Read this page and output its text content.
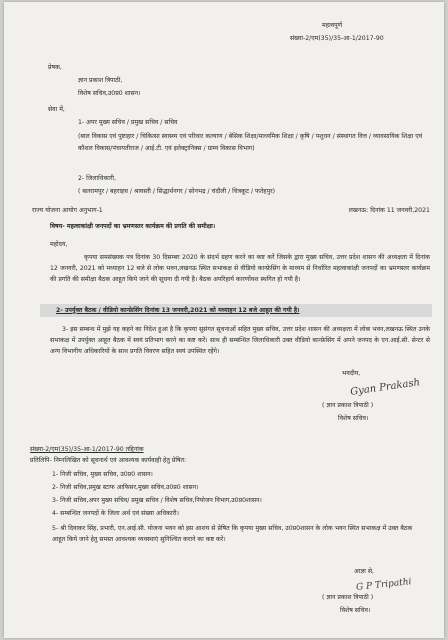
महत्वपूर्ण
संख्या-2/एम(35)/35-आ-1/2017-90
प्रेषक,
ज्ञान प्रकाश त्रिपाठी,
विशेष सचिव,उ0प्र0 शासन।
सेवा में,
1- अपर मुख्य सचिव / प्रमुख सचिव / सचिव
(बाल विकास एवं पुष्टाहार / चिकित्सा स्वास्थ्य एवं परिवार कल्याण / बेसिक शिक्षा/माध्यमिक शिक्षा / कृषि / पशुधन / संस्थागत वित्त / व्यावसायिक शिक्षा एवं कौशल विकास/पंचायतीराज / आई.टी. एवं इलेक्ट्रानिक्स / ग्राम्य विकास विभाग)
2- जिलाधिकारी,
( बलरामपुर / बहराइच / श्रावस्ती / सिद्धार्थनगर / सोनभद्र / चंदौली / चित्रकूट / फतेहपुर)
राज्य योजना आयोग अनुभाग-1	लखनऊ: दिनांक 11 जनवरी,2021
विषय- महत्वाकांक्षी जनपदों का भ्रमणस्तर कार्यक्रम की प्रगति की समीक्षा।
महोदय,
कृपया समसंख्यक पत्र दिनांक 30 दिसम्बर 2020 के संदर्भ ग्रहण करने का कष्ट करें जिसके द्वारा मुख्य सचिव, उत्तर प्रदेश शासन की अध्यक्षता में दिनांक 12 जनवरी, 2021 को मध्याहन 12 बजे से लोक भवन,लखनऊ स्थित सभाकक्ष से वीडियो कान्फ्रेसिंग के माध्यम से निर्धारित महत्वाकांक्षी जनपदों का भ्रमणस्तर कार्यक्रम की प्रगति की समीक्षा बैठक आहूत किये जाने की सूचना दी गयी है। बैठक अपरिहार्य कारणोंवश स्थगित हो गयी है।
2- उपर्युक्त बैठक / वीडियो कान्फ्रेसिंग दिनांक 13 जनवरी,2021 को मध्याहन 12 बजे आहूत की गयी है।
3- इस सम्बन्ध में मुझे यह कहने का निदेश हुआ है कि कृपया सुसंगत सूचनाओं सहित मुख्य सचिव, उत्तर प्रदेश शासन की अध्यक्षता में लोक भवन,लखनऊ स्थित उनके सभाकक्ष में उपर्युक्त आहूत बैठक में स्वयं प्रतिभाग करने का कष्ट करें। साथ ही सम्बन्धित जिलाधिकारी उक्त वीडियो कान्फ्रेसिंग में अपने जनपद के एन.आई.सी. सेन्टर से अन्य विभागीय अधिकारियों के साथ प्रगति विवरण सहित स्वयं उपस्थित रहेंगे।
भवदीय,
Gyan Prakash
( ज्ञान प्रकाश त्रिपाठी )
विशेष सचिव।
संख्या-2/एम(35)/35-आ-1/2017-90 तद्दिनांक
प्रतिलिपि- निम्नलिखित को सूचनार्थ एवं आवश्यक कार्यवाही हेतु प्रेषित:
1- निजी सचिव, मुख्य सचिव, उ0प्र0 शासन।
2- निजी सचिव,प्रमुख स्टाफ आफिसर,मुख्य सचिव,उ0प्र0 शासन।
3- निजी सचिव,अपर मुख्य सचिव/ प्रमुख सचिव / विशेष सचिव,नियोजन विभाग,उ0प्र0शासन।
4- सम्बन्धित जनपदों के जिला अर्थ एवं संख्या अधिकारी।
5- श्री दिवाकर सिंह, प्रभारी, एन.आई.सी. योजना भवन को इस आशय से प्रेषित कि कृपया मुख्य सचिव, उ0प्र0शासन के लोक भवन स्थित सभाकक्ष में उक्त बैठक आहूत किये जाने हेतु समस्त आवश्यक व्यवस्थाएं सुनिश्चित कराने का कष्ट करें।
आज्ञा से,
G P Tripathi
( ज्ञान प्रकाश त्रिपाठी )
विशेष सचिव।
